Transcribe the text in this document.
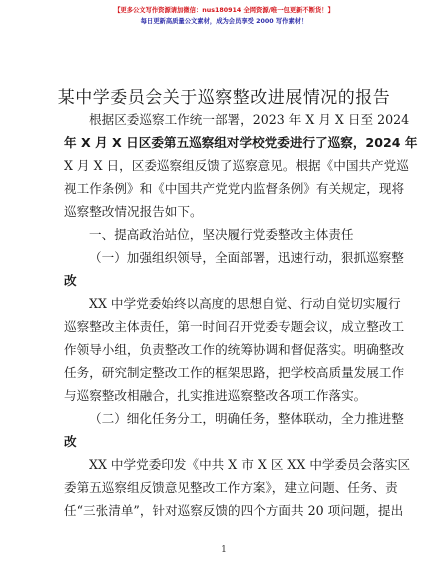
【更多公文写作资源请加微信：nus180914 全网资源/唯一包更新不断货！】
每日更新高质量公文素材，成为会员享受 2000 写作素材！
某中学委员会关于巡察整改进展情况的报告
根据区委巡察工作统一部署，2023 年 X 月 X 日至 2024
年 X 月 X 日区委第五巡察组对学校党委进行了巡察，2024 年
X 月 X 日，区委巡察组反馈了巡察意见。根据《中国共产党巡
视工作条例》和《中国共产党党内监督条例》有关规定，现将
巡察整改情况报告如下。
一、提高政治站位，坚决履行党委整改主体责任
（一）加强组织领导，全面部署，迅速行动，狠抓巡察整
改
XX 中学党委始终以高度的思想自觉、行动自觉切实履行
巡察整改主体责任，第一时间召开党委专题会议，成立整改工
作领导小组，负责整改工作的统筹协调和督促落实。明确整改
任务，研究制定整改工作的框架思路，把学校高质量发展工作
与巡察整改相融合，扎实推进巡察整改各项工作落实。
（二）细化任务分工，明确任务，整体联动，全力推进整
改
XX 中学党委印发《中共 X 市 X 区 XX 中学委员会落实区
委第五巡察组反馈意见整改工作方案》，建立问题、任务、责
任“三张清单”，针对巡察反馈的四个方面共 20 项问题，提出
1
